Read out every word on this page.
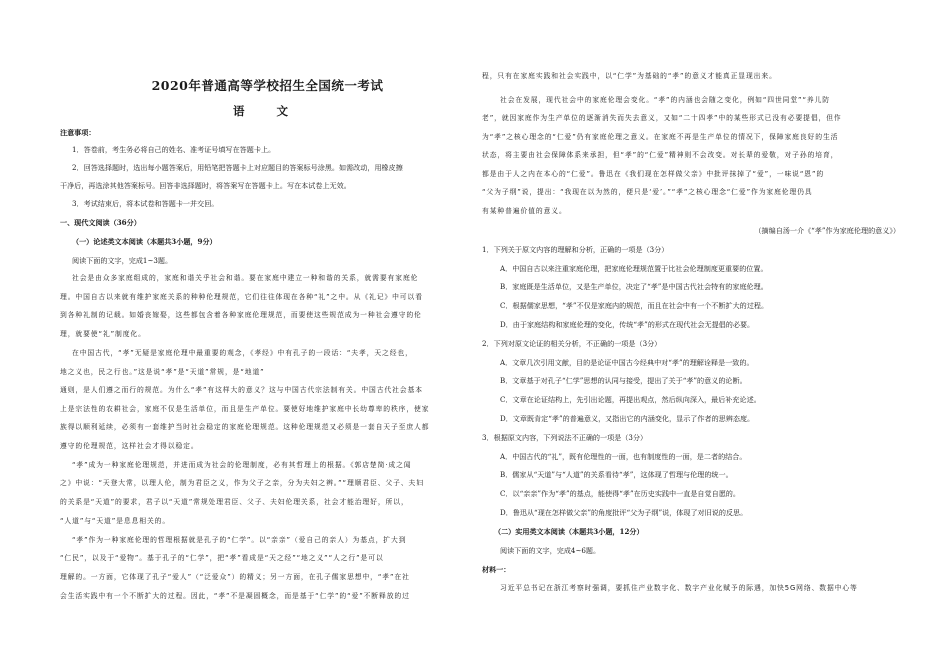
2020年普通高等学校招生全国统一考试
语 文
注意事项：
1．答卷前，考生务必将自己的姓名、准考证号填写在答题卡上。
2．回答选择题时，选出每小题答案后，用铅笔把答题卡上对应题目的答案标号涂黑。如需改动，用橡皮擦
干净后，再选涂其他答案标号。回答非选择题时，将答案写在答题卡上。写在本试卷上无效。
3．考试结束后，将本试卷和答题卡一并交回。
一、现代文阅读（36分）
（一）论述类文本阅读（本题共3小题，9分）
阅读下面的文字，完成1~3题。
社会是由众多家庭组成的，家庭和谐关乎社会和谐。要在家庭中建立一种和谐的关系，就需要有家庭伦
理。中国自古以来就有维护家庭关系的种种伦理规范，它们往往体现在各种“礼”之中。从《礼记》中可以看
到各种礼制的记载。如婚丧嫁娶，这些都包含着各种家庭伦理规范，而要使这些规范成为一种社会遵守的伦
理，就要使“礼”制度化。
在中国古代，“孝”无疑是家庭伦理中最重要的观念，《孝经》中有孔子的一段话：“夫孝，天之经也，
地之义也，民之行也。”这是说“孝”是“天道”常规，是“地道”
通则，是人们遵之而行的规范。为什么“孝”有这样大的意义？这与中国古代宗法制有关。中国古代社会基本
上是宗法性的农耕社会，家庭不仅是生活单位，而且是生产单位。要使好地维护家庭中长幼尊卑的秩序，使家
族得以顺利延续，必须有一套维护当时社会稳定的家庭伦理规范。这种伦理规范又必须是一套自天子至庶人都
遵守的伦理规范，这样社会才得以稳定。
“孝”成为一种家庭伦理规范，并进而成为社会的伦理制度，必有其哲理上的根据。《郭店楚简·成之闻
之》中说：“天登大常，以理人伦，制为君臣之义，作为父子之亲，分为夫妇之辨。”“理顺君臣、父子、夫妇
的关系是“天道”的要求，君子以“天道”常规处理君臣、父子、夫妇伦理关系，社会才能治理好，所以，
“人道”与“天道”是息息相关的。
“孝”作为一种家庭伦理的哲理根据就是孔子的“仁学”。以“亲亲”（爱自己的亲人）为基点，扩大到
“仁民”，以及于“爱物”。基于孔子的“仁学”，把“孝”看成是“天之经”“地之义”“人之行”是可以
理解的。一方面，它体现了孔子“爱人”（“泛爱众”）的精义；另一方面，在孔子儒家思想中，“孝”在社
会生活实践中有一个不断扩大的过程。因此，“孝”不是凝固概念，而是基于“仁学”的“爱”不断释放的过
程，只有在家庭实践和社会实践中，以“仁学”为基础的“孝”的意义才能真正显现出来。
社会在发展，现代社会中的家庭伦理会变化。“孝”的内涵也会随之变化，例如“四世同堂”“养儿防
老”，就因家庭作为生产单位的逐渐消失而失去意义，又如“二十四孝”中的某些形式已没有必要提倡，但作
为“孝”之核心理念的“仁爱”仍有家庭伦理之意义。在家庭不再是生产单位的情况下，保障家庭良好的生活
状态，将主要由社会保障体系来承担，但“孝”的“仁爱”精神则不会改变。对长辈的爱敬，对子孙的培育，
都是由于人之内在本心的“仁爱”。鲁迅在《我们现在怎样做父亲》中批评抹掉了“爱”，一味说“恩”的
“父为子纲”说，提出：“我现在以为然的，便只是‘爱’。”“孝”之核心理念“仁爱”作为家庭伦理仍具
有某种普遍价值的意义。
（摘编自汤一介《“孝”作为家庭伦理的意义》）
1．下列关于原文内容的理解和分析，正确的一项是（3分）
A．中国自古以来注重家庭伦理，把家庭伦理规范置于比社会伦理制度更重要的位置。
B．家庭既是生活单位，又是生产单位，决定了“孝”是中国古代社会特有的家庭伦理。
C．根据儒家思想，“孝”不仅是家庭内的规范，而且在社会中有一个不断扩大的过程。
D．由于家庭结构和家庭伦理的变化，传统“孝”的形式在现代社会无提倡的必要。
2．下列对原文论证的相关分析，不正确的一项是（3分）
A．文章几次引用文献，目的是论证中国古今经典中对“孝”的理解诠释是一致的。
B．文章基于对孔子“仁学”思想的认同与接受，提出了关于“孝”的意义的论断。
C．文章在论证结构上，先引出论题，再提出观点，然后纵向深入，最后补充论述。
D．文章既肯定“孝”的普遍意义，又指出它的内涵变化，显示了作者的思辨态度。
3．根据原文内容，下列说法不正确的一项是（3分）
A．中国古代的“礼”，既有伦理性的一面，也有制度性的一面，是二者的结合。
B．儒家从“天道”与“人道”的关系看待“孝”，这体现了哲理与伦理的统一。
C．以“亲亲”作为“孝”的基点，能使得“孝”在历史实践中一直是自觉自愿的。
D．鲁迅从“现在怎样做父亲”的角度批评“父为子纲”说，体现了对旧说的反思。
（二）实用类文本阅读（本题共3小题，12分）
阅读下面的文字，完成4~6题。
材料一：
习近平总书记在浙江考察时强调，要抓住产业数字化、数字产业化赋予的际遇，加快5G网络、数据中心等
